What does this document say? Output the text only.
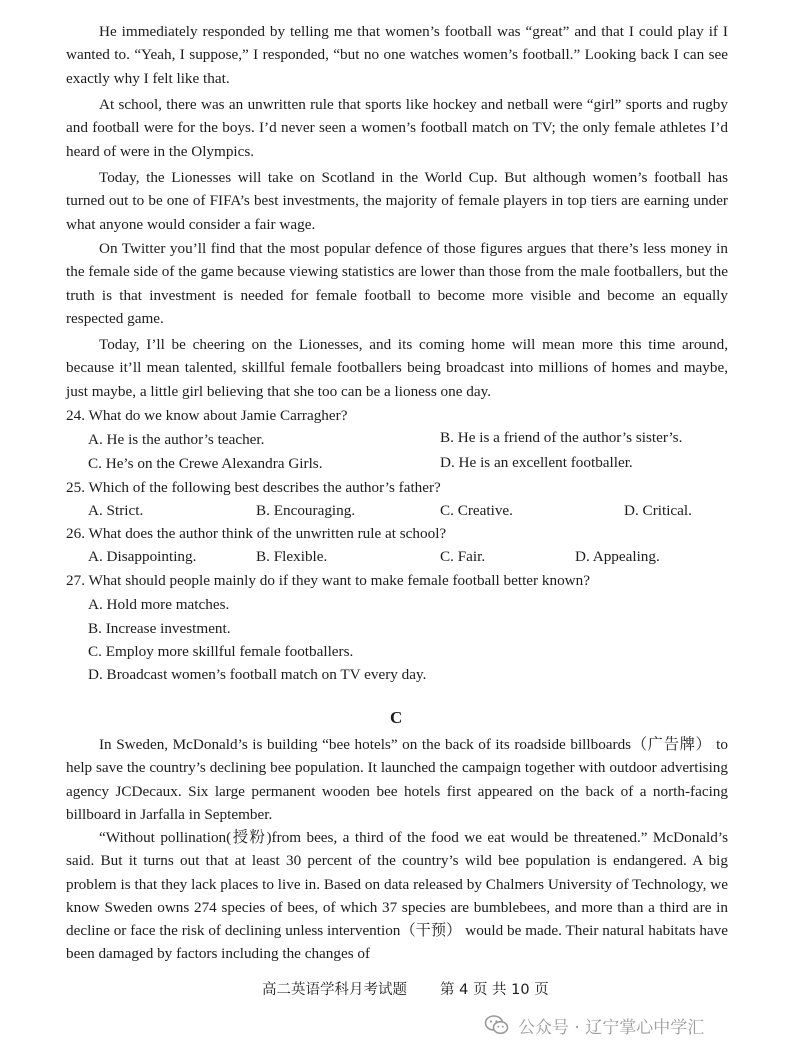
He immediately responded by telling me that women’s football was “great” and that I could play if I wanted to. “Yeah, I suppose,” I responded, “but no one watches women’s football.” Looking back I can see exactly why I felt like that.

At school, there was an unwritten rule that sports like hockey and netball were “girl” sports and rugby and football were for the boys. I’d never seen a women’s football match on TV; the only female athletes I’d heard of were in the Olympics.

Today, the Lionesses will take on Scotland in the World Cup. But although women’s football has turned out to be one of FIFA’s best investments, the majority of female players in top tiers are earning under what anyone would consider a fair wage.

On Twitter you’ll find that the most popular defence of those figures argues that there’s less money in the female side of the game because viewing statistics are lower than those from the male footballers, but the truth is that investment is needed for female football to become more visible and become an equally respected game.

Today, I’ll be cheering on the Lionesses, and its coming home will mean more this time around, because it’ll mean talented, skillful female footballers being broadcast into millions of homes and maybe, just maybe, a little girl believing that she too can be a lioness one day.

24. What do we know about Jamie Carragher?

A. He is the author’s teacher.	B. He is a friend of the author’s sister’s.

C. He’s on the Crewe Alexandra Girls.	D. He is an excellent footballer.

25. Which of the following best describes the author’s father?

A. Strict.	B. Encouraging.	C. Creative.	D. Critical.

26. What does the author think of the unwritten rule at school?

A. Disappointing.	B. Flexible.	C. Fair.	D. Appealing.

27. What should people mainly do if they want to make female football better known?

A. Hold more matches.

B. Increase investment.

C. Employ more skillful female footballers.

D. Broadcast women’s football match on TV every day.

C

In Sweden, McDonald’s is building “bee hotels” on the back of its roadside billboards（广告牌） to help save the country’s declining bee population. It launched the campaign together with outdoor advertising agency JCDecaux. Six large permanent wooden bee hotels first appeared on the back of a north-facing billboard in Jarfalla in September.

“Without pollination(授粉)from bees, a third of the food we eat would be threatened.” McDonald’s said. But it turns out that at least 30 percent of the country’s wild bee population is endangered. A big problem is that they lack places to live in. Based on data released by Chalmers University of Technology, we know Sweden owns 274 species of bees, of which 37 species are bumblebees, and more than a third are in decline or face the risk of declining unless intervention（干预） would be made. Their natural habitats have been damaged by factors including the changes of

高二英语学科月考试题 第 4 页 共 10 页
公众号 · 辽宁掌心中学汇
